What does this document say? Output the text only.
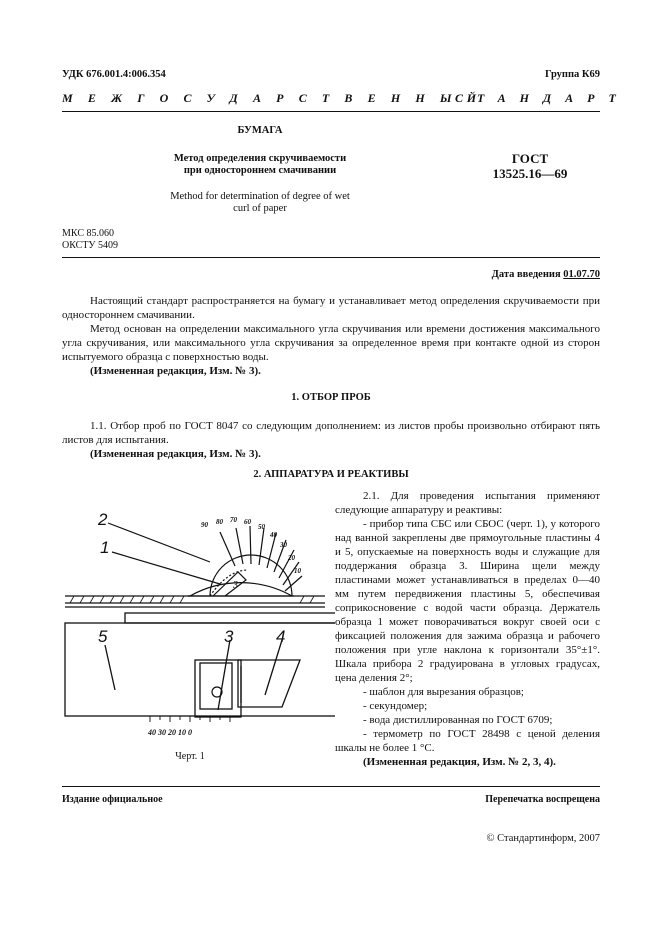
УДК 676.001.4:006.354	Группа К69
МЕЖГОСУДАРСТВЕННЫЙ
СТАНДАРТ
БУМАГА
Метод определения скручиваемости
при одностороннем смачивании
Method for determination of degree of wet
curl of paper
ГОСТ
13525.16—69
МКС 85.060
ОКСТУ 5409
Дата введения 01.07.70

Настоящий стандарт распространяется на бумагу и устанавливает метод определения скручиваемости при одностороннем смачивании.

Метод основан на определении максимального угла скручивания или времени достижения максимального угла скручивания, или максимального угла скручивания за определенное время при контакте одной из сторон испытуемого образца с поверхностью воды.

(Измененная редакция, Изм. № 3).

1. ОТБОР ПРОБ

1.1. Отбор проб по ГОСТ 8047 со следующим дополнением: из листов пробы произвольно отбирают пять листов для испытания.

(Измененная редакция, Изм. № 3).

2. АППАРАТУРА И РЕАКТИВЫ

2.1. Для проведения испытания применяют следующие аппаратуру и реактивы:

- прибор типа СБС или СБОС (черт. 1), у которого над ванной закреплены две прямоугольные пластины 4 и 5, опускаемые на поверхность воды и служащие для поддержания образца 3. Ширина щели между пластинами может устанавливаться в пределах 0—40 мм путем передвижения пластины 5, обеспечивая соприкосновение с водой части образца. Держатель образца 1 может поворачиваться вокруг своей оси с фиксацией положения для зажима образца и рабочего положения при угле наклона к горизонтали 35°±1°. Шкала прибора 2 градуирована в угловых градусах, цена деления 2°;

- шаблон для вырезания образцов;

- секундомер;

- вода дистиллированная по ГОСТ 6709;

- термометр по ГОСТ 28498 с ценой деления шкалы не более 1 °С.

(Измененная редакция, Изм. № 2, 3, 4).

90 80 70 60
50
40
30
20
10
40 30 20 10 0
2
1
5	3	4
3
Черт. 1
Издание официальное	Перепечатка воспрещена
© Стандартинформ, 2007
